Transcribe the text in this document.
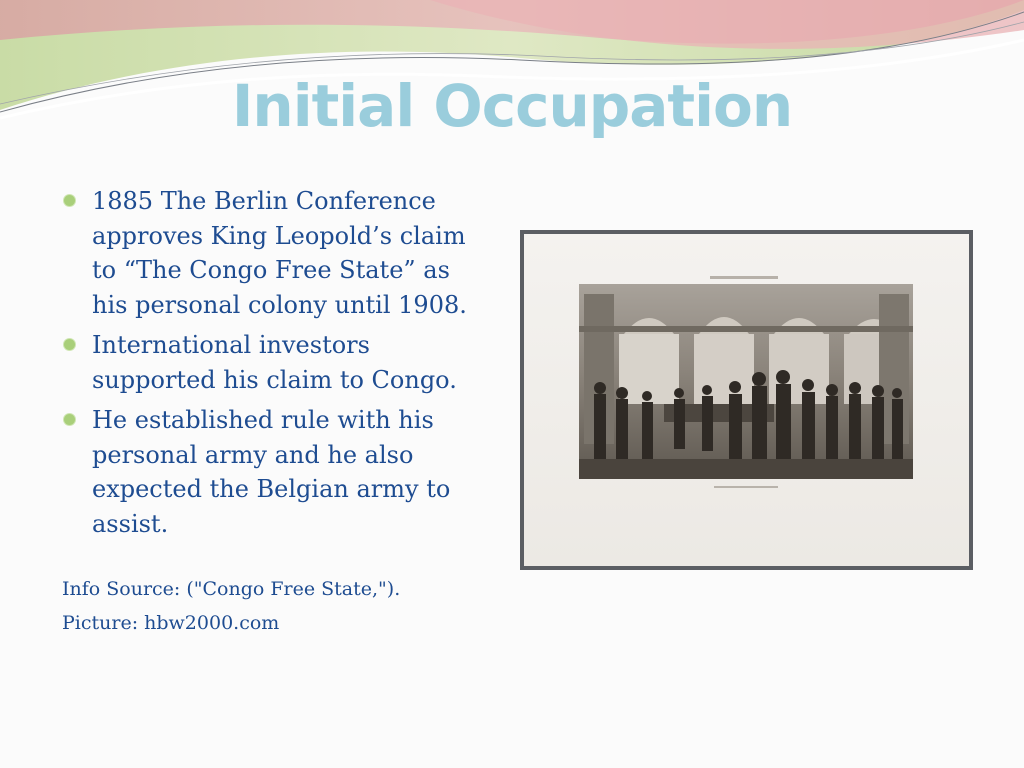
Initial Occupation
1885 The Berlin Conference approves King Leopold’s claim to “The Congo Free State” as his personal colony until 1908.
International investors supported his claim to Congo.
He established rule with his personal army and he also expected the Belgian army to assist.
Info Source: ("Congo Free State,").
Picture: hbw2000.com
